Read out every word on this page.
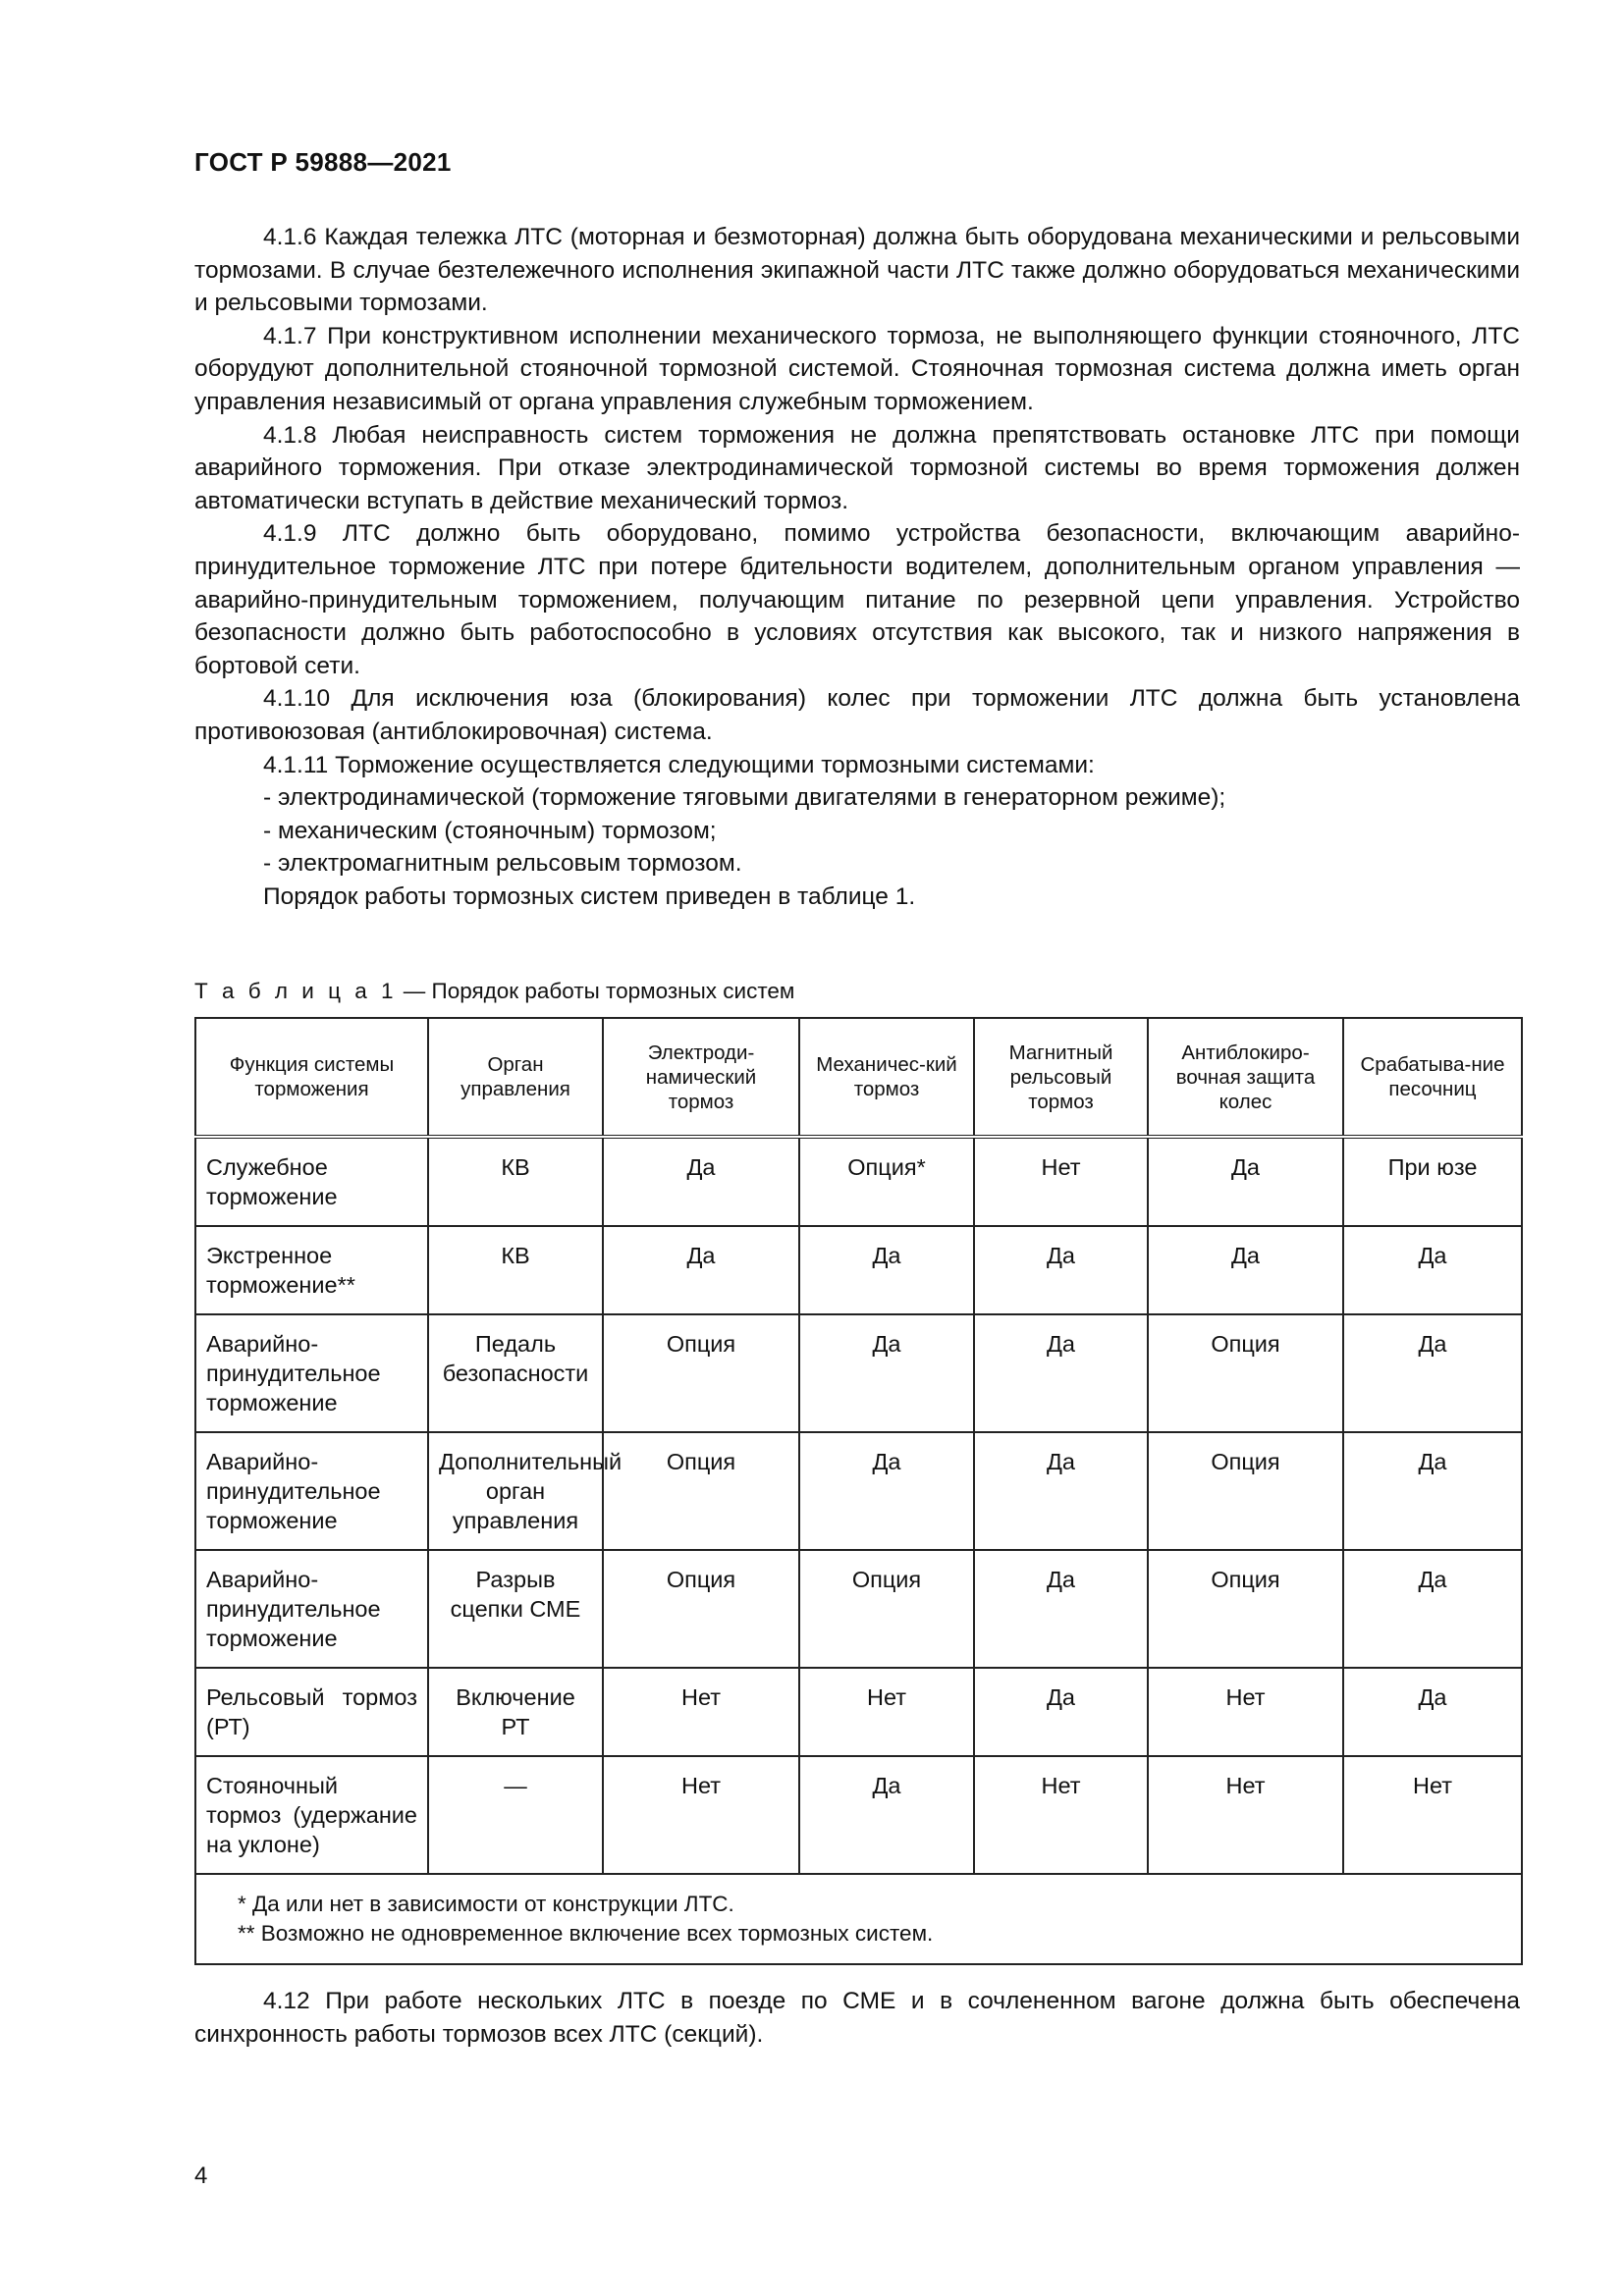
ГОСТ Р 59888—2021

4.1.6 Каждая тележка ЛТС (моторная и безмоторная) должна быть оборудована механическими и рельсовыми тормозами. В случае безтележечного исполнения экипажной части ЛТС также должно оборудоваться механическими и рельсовыми тормозами.

4.1.7 При конструктивном исполнении механического тормоза, не выполняющего функции стояночного, ЛТС оборудуют дополнительной стояночной тормозной системой. Стояночная тормозная система должна иметь орган управления независимый от органа управления служебным торможением.

4.1.8 Любая неисправность систем торможения не должна препятствовать остановке ЛТС при помощи аварийного торможения. При отказе электродинамической тормозной системы во время торможения должен автоматически вступать в действие механический тормоз.

4.1.9 ЛТС должно быть оборудовано, помимо устройства безопасности, включающим аварийно-принудительное торможение ЛТС при потере бдительности водителем, дополнительным органом управления — аварийно-принудительным торможением, получающим питание по резервной цепи управления. Устройство безопасности должно быть работоспособно в условиях отсутствия как высокого, так и низкого напряжения в бортовой сети.

4.1.10 Для исключения юза (блокирования) колес при торможении ЛТС должна быть установлена противоюзовая (антиблокировочная) система.

4.1.11 Торможение осуществляется следующими тормозными системами:

- электродинамической (торможение тяговыми двигателями в генераторном режиме);

- механическим (стояночным) тормозом;

- электромагнитным рельсовым тормозом.

Порядок работы тормозных систем приведен в таблице 1.

Т а б л и ц а 1 — Порядок работы тормозных систем
Функция системы торможения	Орган управления	Электроди-намический тормоз	Механичес-кий тормоз	Магнитный рельсовый тормоз	Антиблокиро-вочная защита колес	Срабатыва-ние песочниц
Служебное торможение	КВ	Да	Опция*	Нет	Да	При юзе
Экстренное торможение**	КВ	Да	Да	Да	Да	Да
Аварийно-принудительное торможение	Педаль безопасности	Опция	Да	Да	Опция	Да
Аварийно-принудительное торможение	Дополнительный орган управления	Опция	Да	Да	Опция	Да
Аварийно-принудительное торможение	Разрыв сцепки СМЕ	Опция	Опция	Да	Опция	Да
Рельсовый тормоз (РТ)	Включение РТ	Нет	Нет	Да	Нет	Да
Стояночный тормоз (удержание на уклоне)	—	Нет	Да	Нет	Нет	Нет

* Да или нет в зависимости от конструкции ЛТС.
** Возможно не одновременное включение всех тормозных систем.						

4.12 При работе нескольких ЛТС в поезде по СМЕ и в сочлененном вагоне должна быть обеспечена синхронность работы тормозов всех ЛТС (секций).

4
